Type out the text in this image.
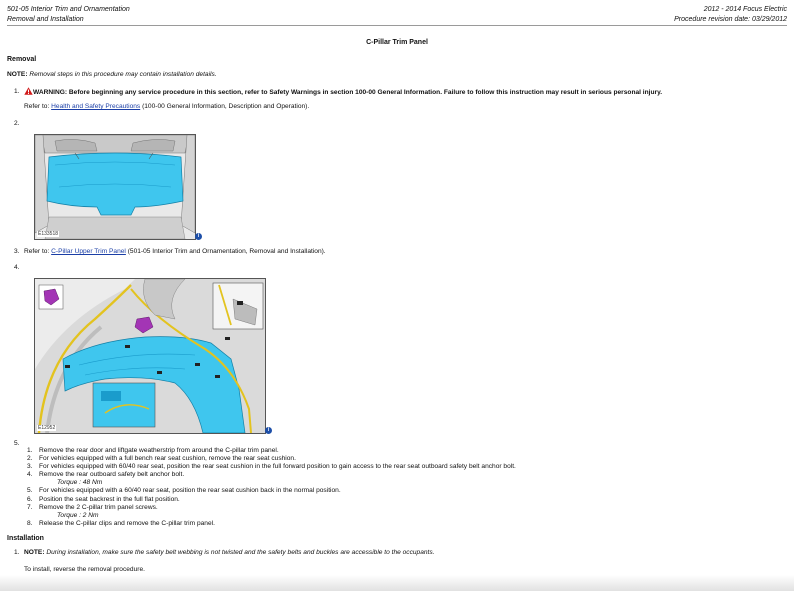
501-05 Interior Trim and Ornamentation
Removal and Installation
2012 - 2014 Focus Electric
Procedure revision date: 03/29/2012
C-Pillar Trim Panel
Removal
NOTE: Removal steps in this procedure may contain installation details.
1.	WARNING: Before beginning any service procedure in this section, refer to Safety Warnings in section 100-00 General Information. Failure to follow this instruction may result in serious personal injury.
Refer to: Health and Safety Precautions (100-00 General Information, Description and Operation).
2.
E133518	i
3. Refer to: C-Pillar Upper Trim Panel (501-05 Interior Trim and Ornamentation, Removal and Installation).
4.
E12952	i
5.
1. Remove the rear door and liftgate weatherstrip from around the C-pillar trim panel.
2. For vehicles equipped with a full bench rear seat cushion, remove the rear seat cushion.
3. For vehicles equipped with 60/40 rear seat, position the rear seat cushion in the full forward position to gain access to the rear seat outboard safety belt anchor bolt.
4. Remove the rear outboard safety belt anchor bolt.
Torque : 48 Nm
5. For vehicles equipped with a 60/40 rear seat, position the rear seat cushion back in the normal position.
6. Position the seat backrest in the full flat position.
7. Remove the 2 C-pillar trim panel screws.
Torque : 2 Nm
8. Release the C-pillar clips and remove the C-pillar trim panel.
Installation
1. NOTE: During installation, make sure the safety belt webbing is not twisted and the safety belts and buckles are accessible to the occupants.
To install, reverse the removal procedure.
